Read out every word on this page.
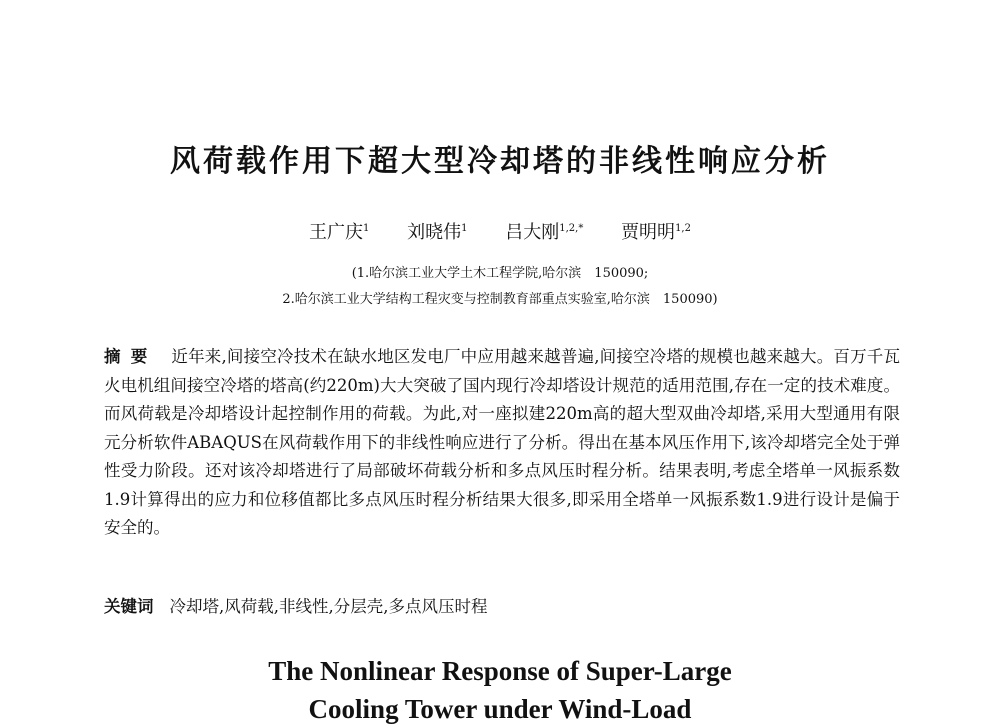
风荷载作用下超大型冷却塔的非线性响应分析
王广庆$^1$ 刘晓伟$^1$ 吕大刚$^{1,2,*}$ 贾明明$^{1,2}$
(1.哈尔滨工业大学土木工程学院,哈尔滨　150090;
2.哈尔滨工业大学结构工程灾变与控制教育部重点实验室,哈尔滨　150090)
摘要 近年来,间接空冷技术在缺水地区发电厂中应用越来越普遍,间接空冷塔的规模也越来越大。百万千瓦火电机组间接空冷塔的塔高(约220m)大大突破了国内现行冷却塔设计规范的适用范围,存在一定的技术难度。而风荷载是冷却塔设计起控制作用的荷载。为此,对一座拟建220m高的超大型双曲冷却塔,采用大型通用有限元分析软件ABAQUS在风荷载作用下的非线性响应进行了分析。得出在基本风压作用下,该冷却塔完全处于弹性受力阶段。还对该冷却塔进行了局部破坏荷载分析和多点风压时程分析。结果表明,考虑全塔单一风振系数1.9计算得出的应力和位移值都比多点风压时程分析结果大很多,即采用全塔单一风振系数1.9进行设计是偏于安全的。
关键词 冷却塔,风荷载,非线性,分层壳,多点风压时程
The Nonlinear Response of Super-Large
Cooling Tower under Wind-Load
